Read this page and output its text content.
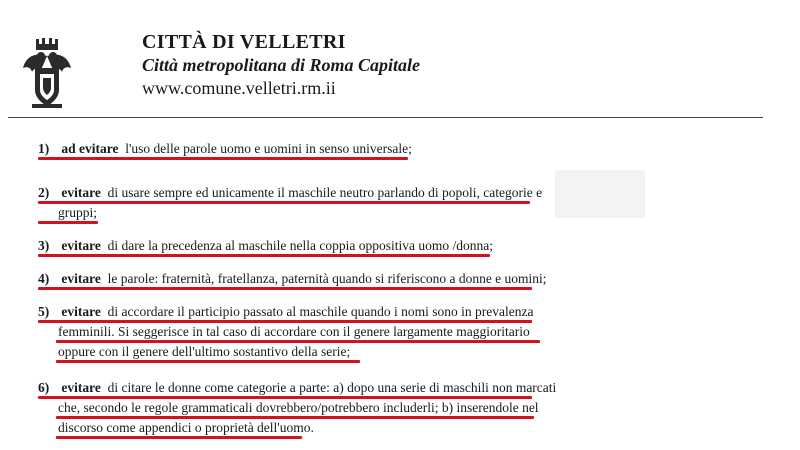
CITTÀ DI VELLETRI
Città metropolitana di Roma Capitale
www.comune.velletri.rm.ii
1) ad evitare  l'uso delle parole uomo e uomini in senso universale;
2) evitare  di usare sempre ed unicamente il maschile neutro parlando di popoli, categorie e
gruppi;
3) evitare  di dare la precedenza al maschile nella coppia oppositiva uomo /donna;
4) evitare  le parole: fraternità, fratellanza, paternità quando si riferiscono a donne e uomini;
5) evitare  di accordare il participio passato al maschile quando i nomi sono in prevalenza
femminili. Si seggerisce in tal caso di accordare con il genere largamente maggioritario
oppure con il genere dell'ultimo sostantivo della serie;
6) evitare  di citare le donne come categorie a parte: a) dopo una serie di maschili non marcati
che, secondo le regole grammaticali dovrebbero/potrebbero includerli; b) inserendole nel
discorso come appendici o proprietà dell'uomo.
